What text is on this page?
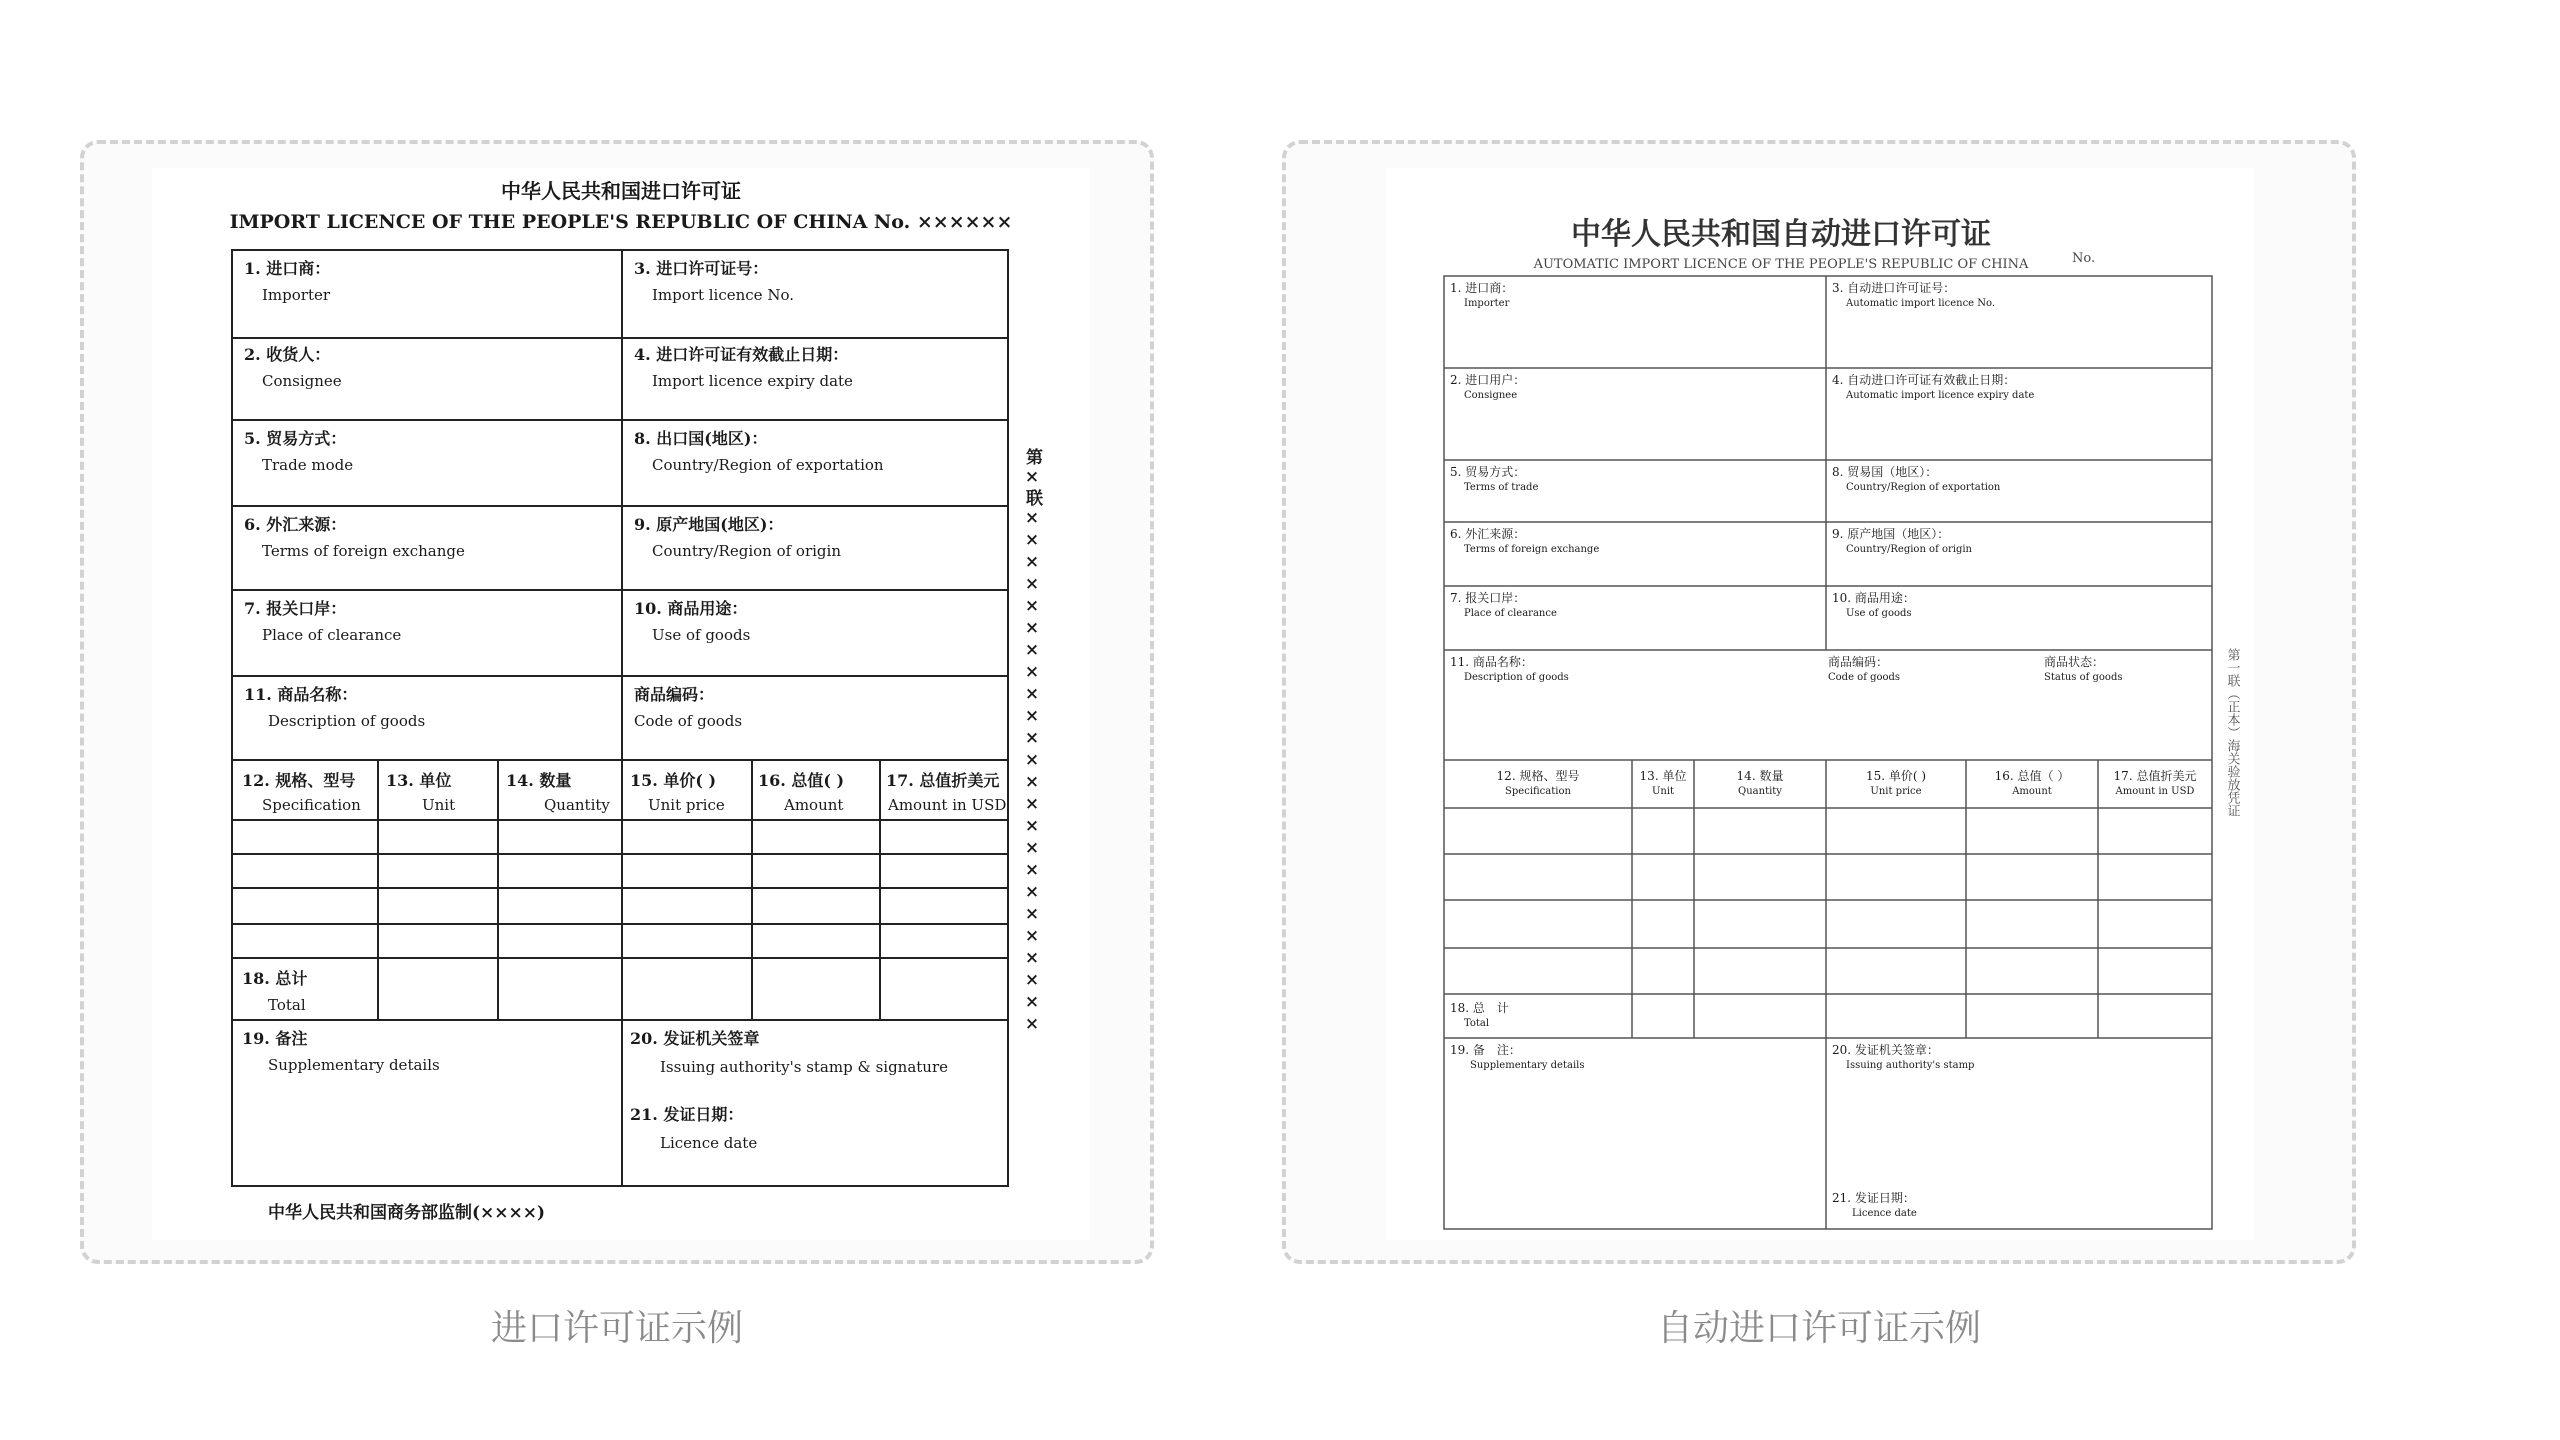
中华人民共和国进口许可证
IMPORT LICENCE OF THE PEOPLE'S REPUBLIC OF CHINA No. ××××××
1. 进口商：
Importer
3. 进口许可证号：
Import licence No.
2. 收货人：
Consignee
4. 进口许可证有效截止日期：
Import licence expiry date
5. 贸易方式：
Trade mode
8. 出口国(地区)：
Country/Region of exportation
6. 外汇来源：
Terms of foreign exchange
9. 原产地国(地区)：
Country/Region of origin
7. 报关口岸：
Place of clearance
10. 商品用途：
Use of goods
11. 商品名称：
Description of goods
商品编码：
Code of goods
12. 规格、型号
Specification
13. 单位
Unit
14. 数量
Quantity
15. 单价( )
Unit price
16. 总值( )
Amount
17. 总值折美元
Amount in USD
18. 总计
Total
19. 备注
Supplementary details
20. 发证机关签章
Issuing authority's stamp & signature
21. 发证日期：
Licence date
第×联××××××××××××××××××××××××
中华人民共和国商务部监制(××××)
进口许可证示例
中华人民共和国自动进口许可证
AUTOMATIC IMPORT LICENCE OF THE PEOPLE'S REPUBLIC OF CHINA	No.
1. 进口商：
Importer
3. 自动进口许可证号：
Automatic import licence No.
2. 进口用户：
Consignee
4. 自动进口许可证有效截止日期：
Automatic import licence expiry date
5. 贸易方式：
Terms of trade
8. 贸易国（地区）：
Country/Region of exportation
6. 外汇来源：
Terms of foreign exchange
9. 原产地国（地区）：
Country/Region of origin
7. 报关口岸：
Place of clearance
10. 商品用途：
Use of goods
11. 商品名称：
Description of goods
商品编码：
Code of goods
商品状态：
Status of goods
12. 规格、型号
Specification
13. 单位
Unit
14. 数量
Quantity
15. 单价( )
Unit price
16. 总值（ ）
Amount
17. 总值折美元
Amount in USD
18. 总　计
Total
19. 备　注：
Supplementary details
20. 发证机关签章：
Issuing authority's stamp
21. 发证日期：
Licence date
第一联（正本）海关验放凭证
自动进口许可证示例
